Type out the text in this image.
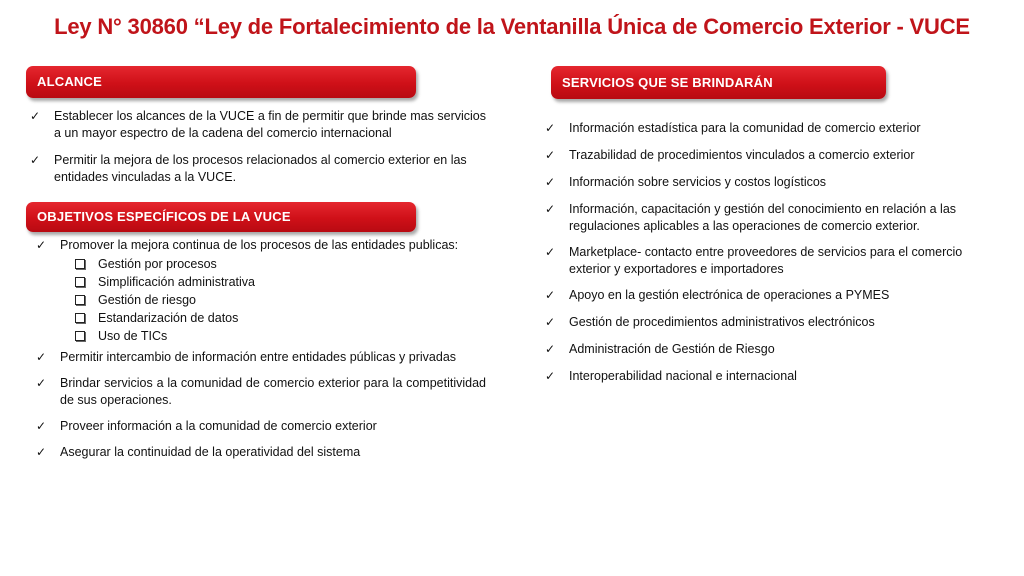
Ley N° 30860 “Ley de Fortalecimiento de la Ventanilla Única de Comercio Exterior - VUCE
ALCANCE
✓	Establecer los alcances de la VUCE a fin de permitir que brinde mas servicios a un mayor espectro de la cadena del comercio internacional
✓	Permitir la mejora de los procesos relacionados al comercio exterior en las entidades vinculadas a la VUCE.
OBJETIVOS ESPECÍFICOS DE LA VUCE
✓	Promover la mejora continua de los procesos de las entidades publicas:
Gestión por procesos
Simplificación administrativa
Gestión de riesgo
Estandarización de datos
Uso de TICs
✓	Permitir intercambio de información entre entidades públicas y privadas
✓	Brindar servicios a la comunidad de comercio exterior para la competitividad de sus operaciones.
✓	Proveer información a la comunidad de comercio exterior
✓	Asegurar la continuidad de la operatividad del sistema
SERVICIOS QUE SE BRINDARÁN
✓	Información estadística para la comunidad de comercio exterior
✓	Trazabilidad de procedimientos vinculados a comercio exterior
✓	Información sobre servicios y costos logísticos
✓	Información, capacitación y gestión del conocimiento en relación a las regulaciones aplicables a las operaciones de comercio exterior.
✓	Marketplace- contacto entre proveedores de servicios para el comercio exterior y exportadores e importadores
✓	Apoyo en la gestión electrónica de operaciones a PYMES
✓	Gestión de procedimientos administrativos electrónicos
✓	Administración de Gestión de Riesgo
✓	Interoperabilidad nacional e internacional
